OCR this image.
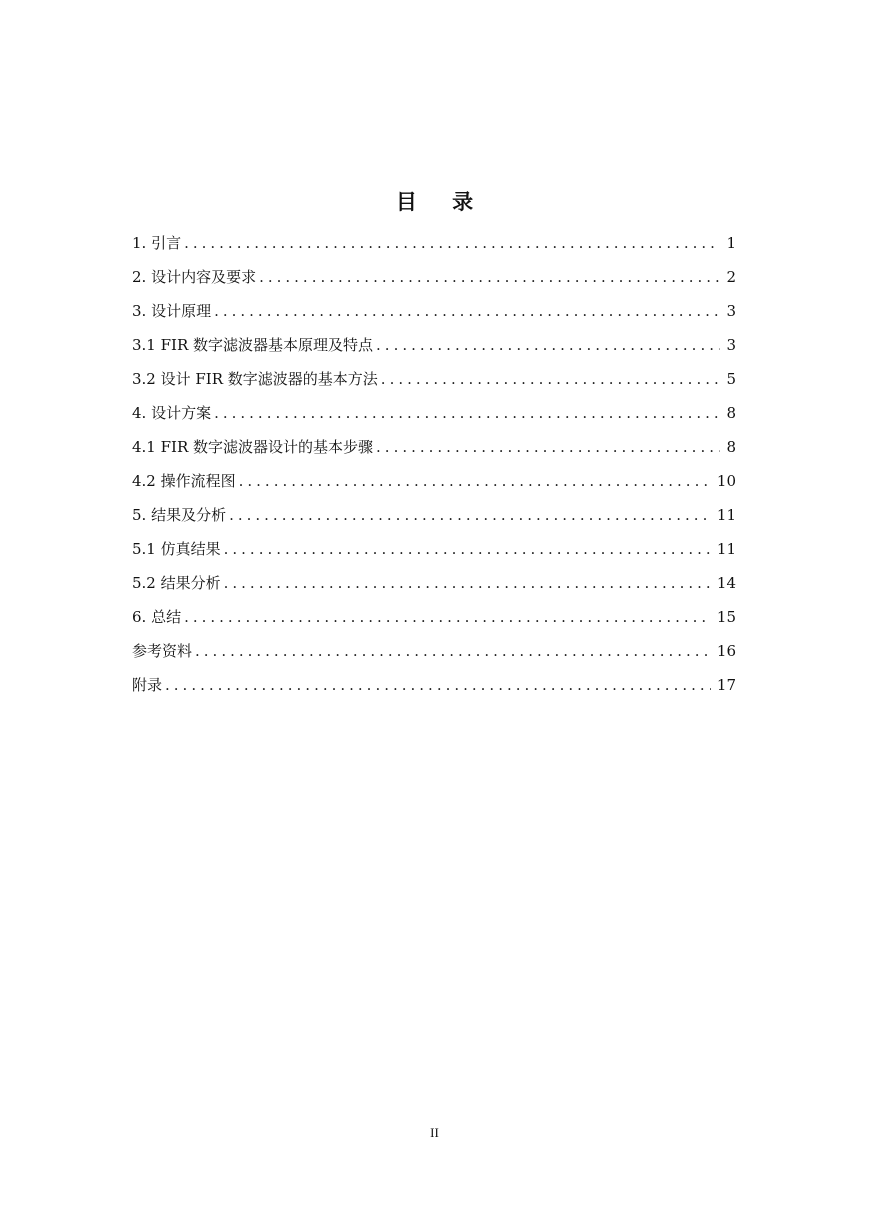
目 录
1. 引言 .....	1
2. 设计内容及要求 .....	2
3. 设计原理 .....	3
3.1 FIR 数字滤波器基本原理及特点 .....	3
3.2 设计 FIR 数字滤波器的基本方法 .....	5
4. 设计方案 .....	8
4.1 FIR 数字滤波器设计的基本步骤 .....	8
4.2 操作流程图 .....	10
5. 结果及分析 .....	11
5.1 仿真结果 .....	11
5.2 结果分析 .....	14
6. 总结 .....	15
参考资料 .....	16
附录 .....	17
II
